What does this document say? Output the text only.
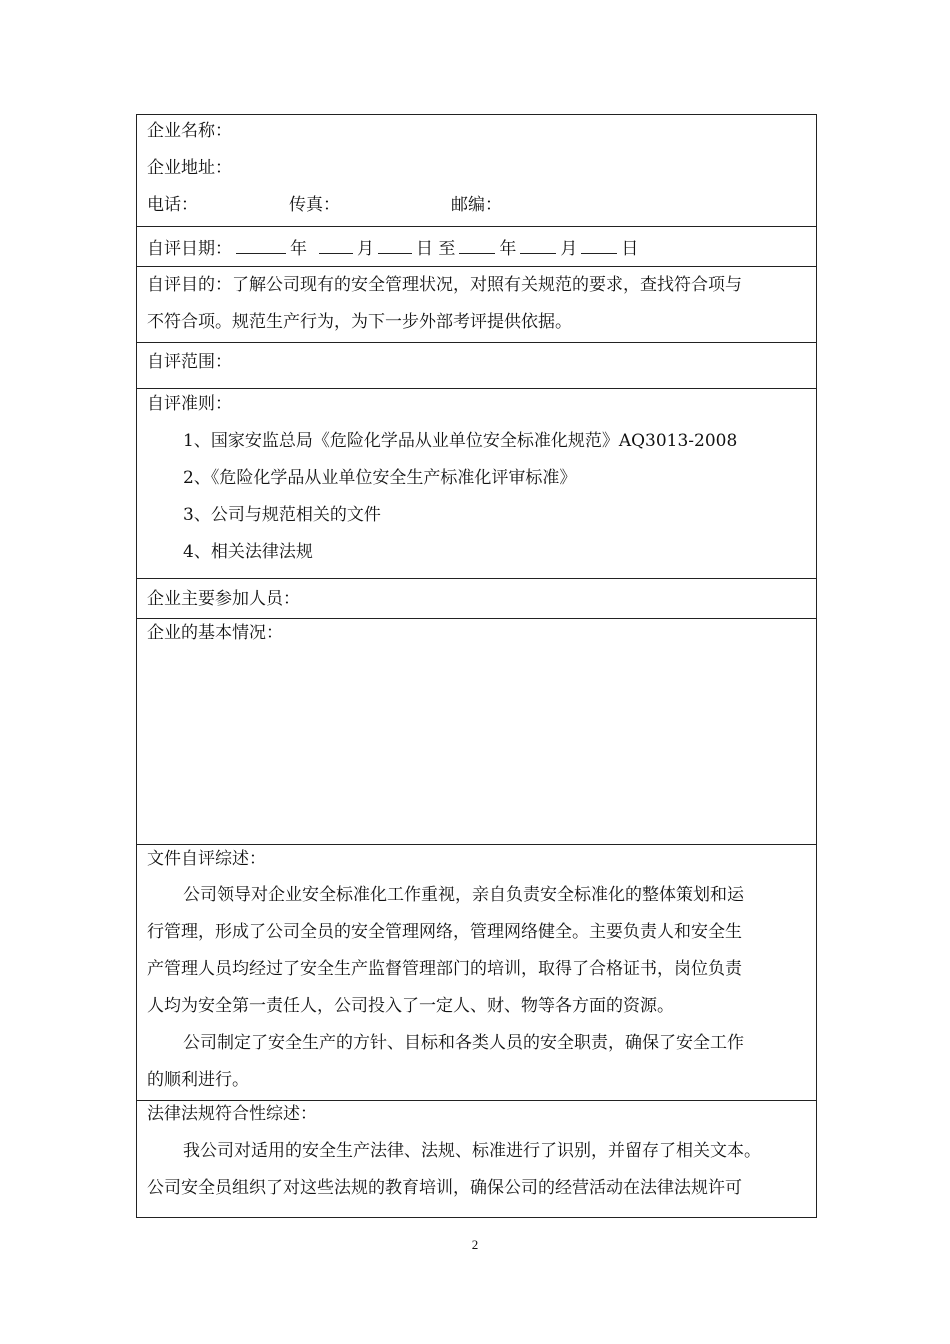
企业名称：
企业地址：
电话：	传真：	邮编：
自评日期：	年	月 日 至	年	月	日
自评目的：了解公司现有的安全管理状况，对照有关规范的要求，查找符合项与
不符合项。规范生产行为，为下一步外部考评提供依据。
自评范围：
自评准则：
1、国家安监总局《危险化学品从业单位安全标准化规范》AQ3013-2008
2、《危险化学品从业单位安全生产标准化评审标准》
3、公司与规范相关的文件
4、相关法律法规
企业主要参加人员：
企业的基本情况：
文件自评综述：
公司领导对企业安全标准化工作重视，亲自负责安全标准化的整体策划和运
行管理，形成了公司全员的安全管理网络，管理网络健全。主要负责人和安全生
产管理人员均经过了安全生产监督管理部门的培训，取得了合格证书，岗位负责
人均为安全第一责任人，公司投入了一定人、财、物等各方面的资源。
公司制定了安全生产的方针、目标和各类人员的安全职责，确保了安全工作
的顺利进行。
法律法规符合性综述：
我公司对适用的安全生产法律、法规、标准进行了识别，并留存了相关文本。
公司安全员组织了对这些法规的教育培训，确保公司的经营活动在法律法规许可
2
